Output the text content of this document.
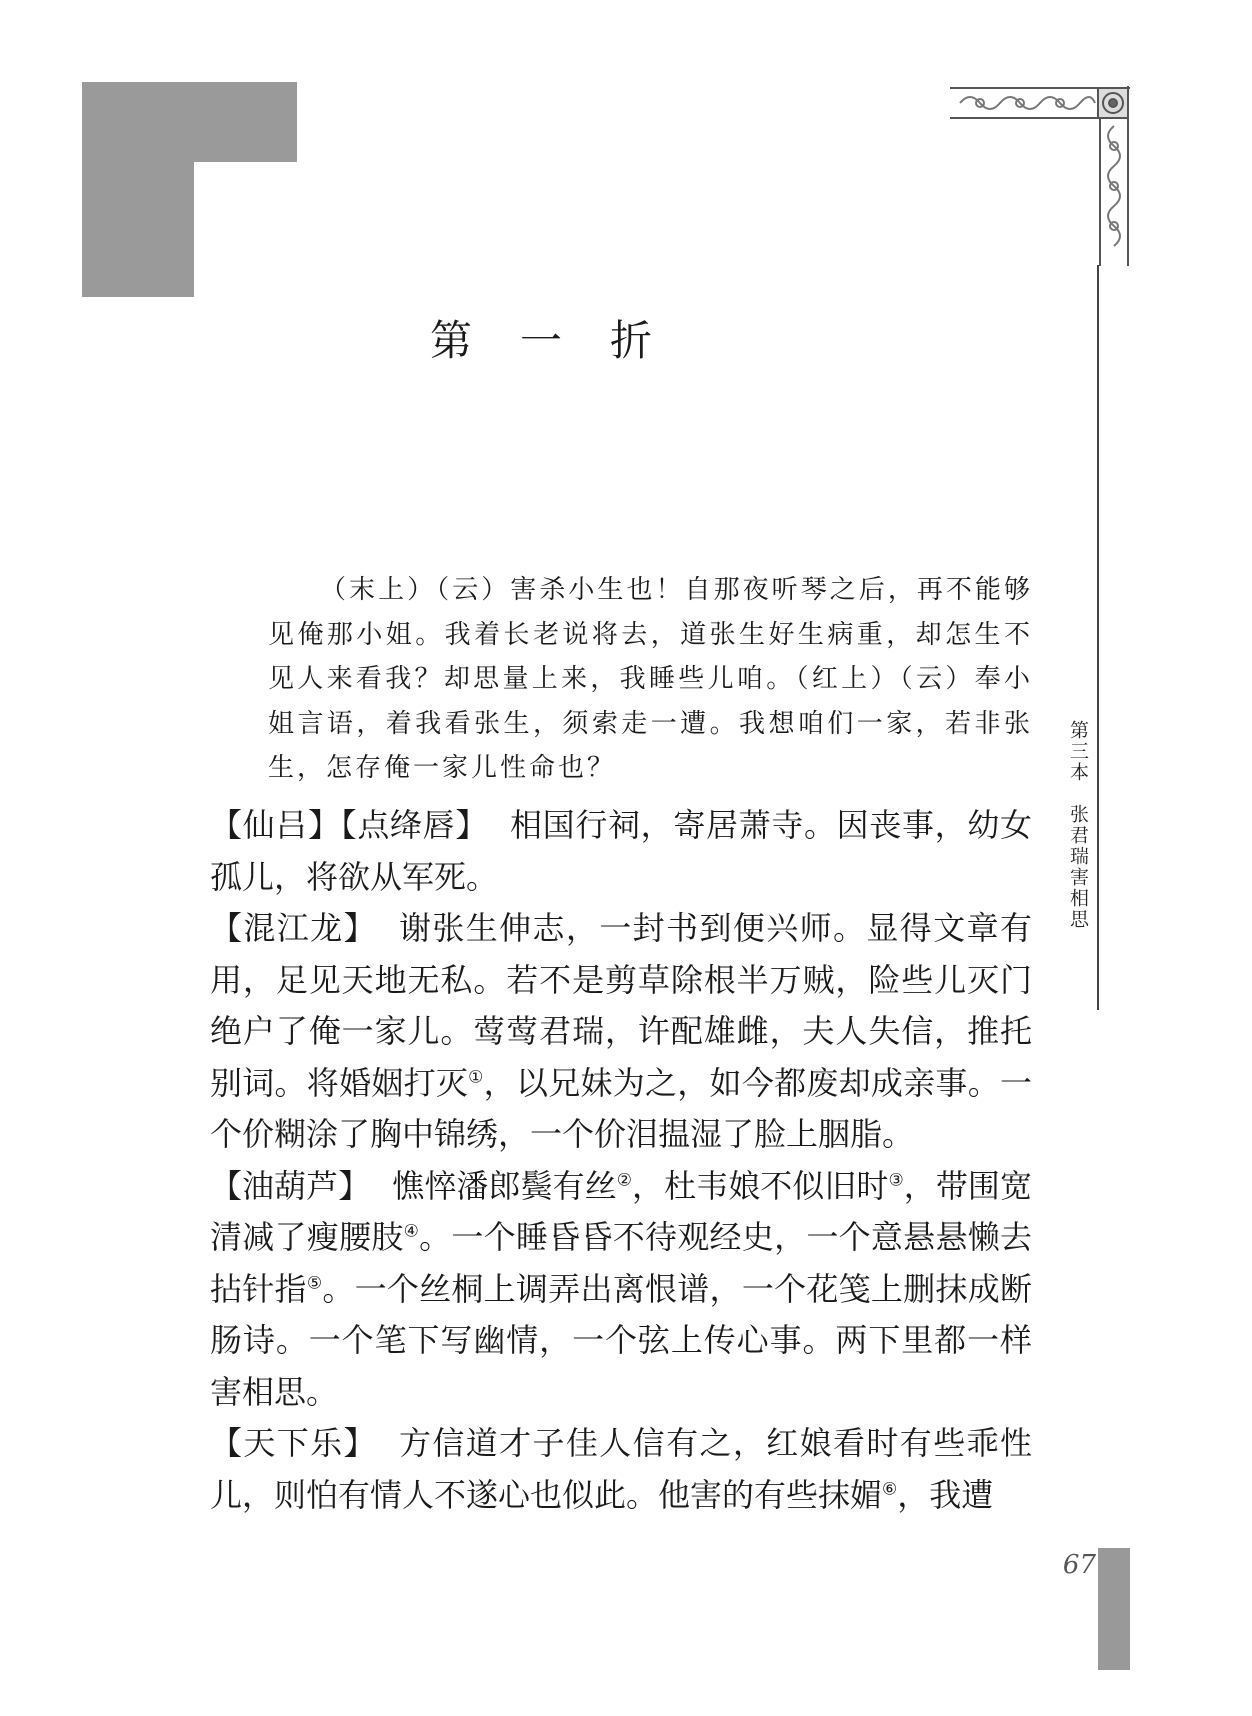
第三本　张君瑞害相思
第一折

（末上）（云）害杀小生也！自那夜听琴之后，再不能够见俺那小姐。我着长老说将去，道张生好生病重，却怎生不见人来看我？却思量上来，我睡些儿咱。（红上）（云）奉小姐言语，着我看张生，须索走一遭。我想咱们一家，若非张生，怎存俺一家儿性命也？

【仙吕】【点绛唇】 相国行祠，寄居萧寺。因丧事，幼女孤儿，将欲从军死。

【混江龙】 谢张生伸志，一封书到便兴师。显得文章有用，足见天地无私。若不是剪草除根半万贼，险些儿灭门绝户了俺一家儿。莺莺君瑞，许配雄雌，夫人失信，推托别词。将婚姻打灭①，以兄妹为之，如今都废却成亲事。一个价糊涂了胸中锦绣，一个价泪揾湿了脸上胭脂。

【油葫芦】 憔悴潘郎鬓有丝②，杜韦娘不似旧时③，带围宽清减了瘦腰肢④。一个睡昏昏不待观经史，一个意悬悬懒去拈针指⑤。一个丝桐上调弄出离恨谱，一个花笺上删抹成断肠诗。一个笔下写幽情，一个弦上传心事。两下里都一样害相思。

【天下乐】 方信道才子佳人信有之，红娘看时有些乖性儿，则怕有情人不遂心也似此。他害的有些抹媚⑥，我遭

67
